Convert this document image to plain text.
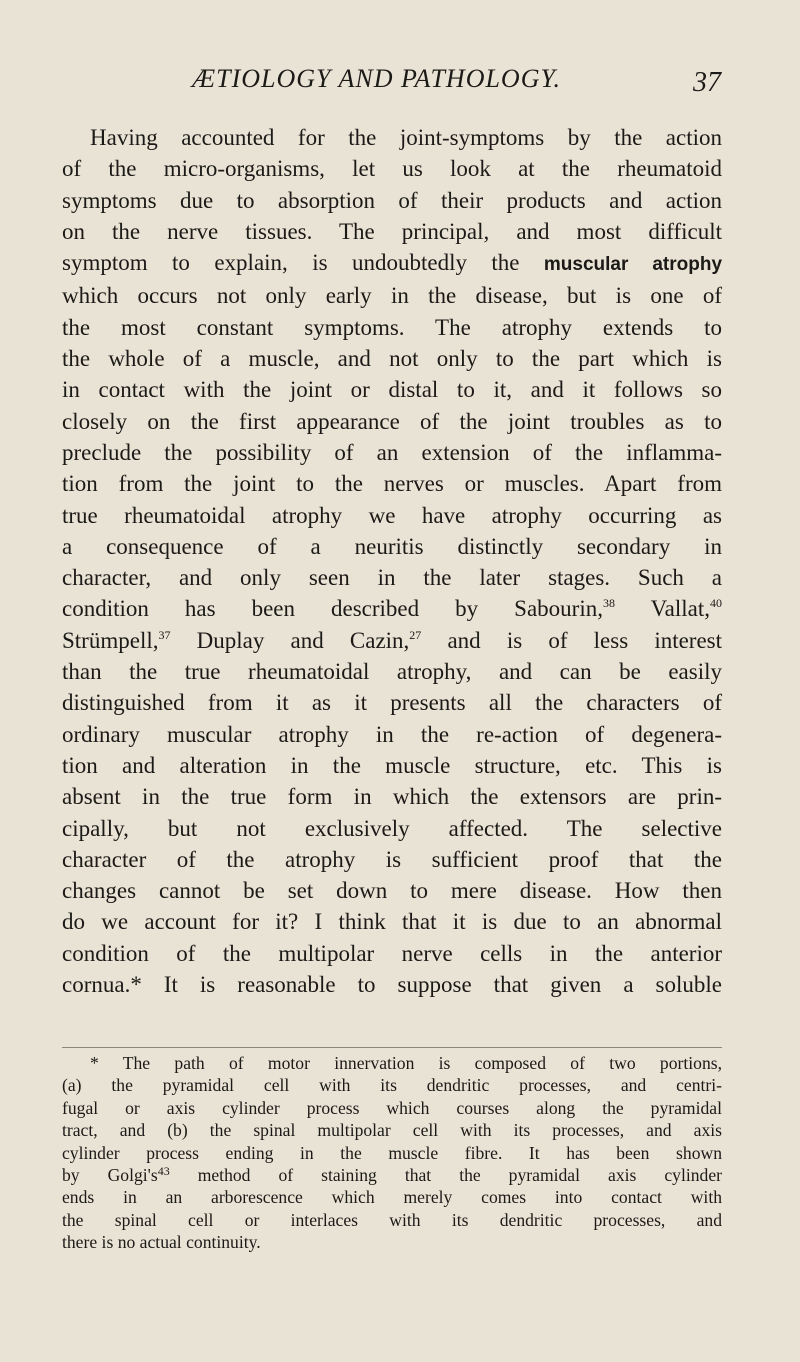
ÆTIOLOGY AND PATHOLOGY.	37
Having accounted for the joint-symptoms by the action
of the micro-organisms, let us look at the rheumatoid
symptoms due to absorption of their products and action
on the nerve tissues. The principal, and most difficult
symptom to explain, is undoubtedly the muscular atrophy
which occurs not only early in the disease, but is one of
the most constant symptoms. The atrophy extends to
the whole of a muscle, and not only to the part which is
in contact with the joint or distal to it, and it follows so
closely on the first appearance of the joint troubles as to
preclude the possibility of an extension of the inflamma-
tion from the joint to the nerves or muscles. Apart from
true rheumatoidal atrophy we have atrophy occurring as
a consequence of a neuritis distinctly secondary in
character, and only seen in the later stages. Such a
condition has been described by Sabourin,$^{38}$ Vallat,$^{40}$
Strümpell,$^{37}$ Duplay and Cazin,$^{27}$ and is of less interest
than the true rheumatoidal atrophy, and can be easily
distinguished from it as it presents all the characters of
ordinary muscular atrophy in the re-action of degenera-
tion and alteration in the muscle structure, etc. This is
absent in the true form in which the extensors are prin-
cipally, but not exclusively affected. The selective
character of the atrophy is sufficient proof that the
changes cannot be set down to mere disease. How then
do we account for it? I think that it is due to an abnormal
condition of the multipolar nerve cells in the anterior
cornua.* It is reasonable to suppose that given a soluble
* The path of motor innervation is composed of two portions,
(a) the pyramidal cell with its dendritic processes, and centri-
fugal or axis cylinder process which courses along the pyramidal
tract, and (b) the spinal multipolar cell with its processes, and axis
cylinder process ending in the muscle fibre. It has been shown
by Golgi's$^{43}$ method of staining that the pyramidal axis cylinder
ends in an arborescence which merely comes into contact with
the spinal cell or interlaces with its dendritic processes, and
there is no actual continuity.
